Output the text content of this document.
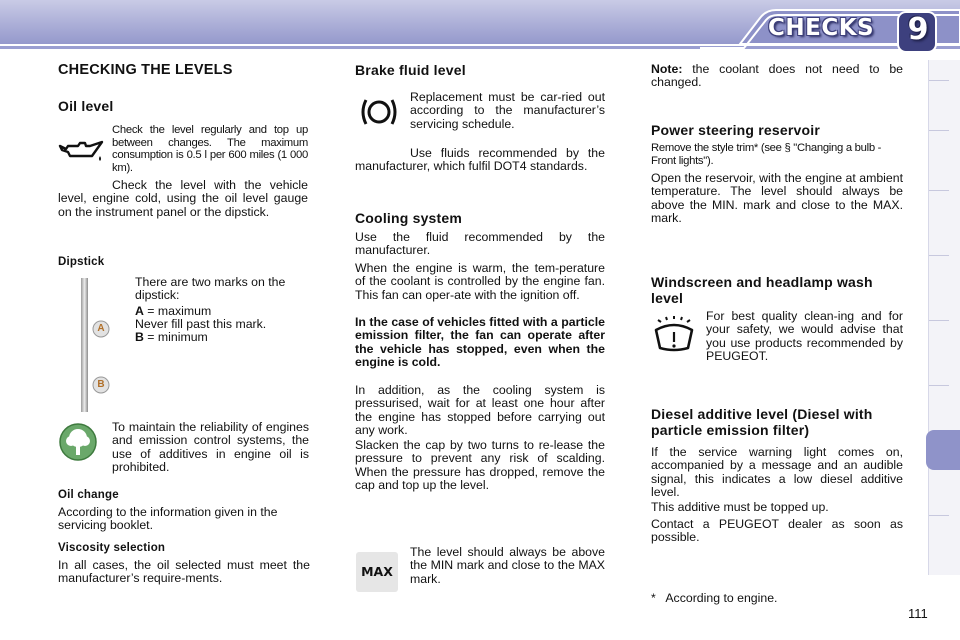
CHECKS 9
CHECKING THE LEVELS
Oil level

Check the level regularly and top up between changes. The maximum consumption is 0.5 l per 600 miles (1 000 km).

Check the level with the vehicle level, engine cold, using the oil level gauge on the instrument panel or the dipstick.

Dipstick
A
B

There are two marks on the dipstick:

A = maximum

Never fill past this mark.

B = minimum

To maintain the reliability of engines and emission control systems, the use of additives in engine oil is prohibited.

Oil change

According to the information given in the servicing booklet.

Viscosity selection

In all cases, the oil selected must meet the manufacturer’s require-ments.

Brake fluid level

Replacement must be car-ried out according to the manufacturer’s servicing schedule.

Use fluids recommended by the manufacturer, which fulfil DOT4 standards.

Cooling system

Use the fluid recommended by the manufacturer.

When the engine is warm, the tem-perature of the coolant is controlled by the engine fan. This fan can oper-ate with the ignition off.

In the case of vehicles fitted with a particle emission filter, the fan can operate after the vehicle has stopped, even when the engine is cold.

In addition, as the cooling system is pressurised, wait for at least one hour after the engine has stopped before carrying out any work.

Slacken the cap by two turns to re-lease the pressure to prevent any risk of scalding. When the pressure has dropped, remove the cap and top up the level.

MAX

The level should always be above the MIN mark and close to the MAX mark.

Note: the coolant does not need to be changed.

Power steering reservoir

Remove the style trim* (see § "Changing a bulb - Front lights").

Open the reservoir, with the engine at ambient temperature. The level should always be above the MIN. mark and close to the MAX. mark.

Windscreen and headlamp wash level

For best quality clean-ing and for your safety, we would advise that you use products recommended by PEUGEOT.

Diesel additive level (Diesel with particle emission filter)

If the service warning light comes on, accompanied by a message and an audible signal, this indicates a low diesel additive level.

This additive must be topped up.

Contact a PEUGEOT dealer as soon as possible.

*   According to engine.

111
